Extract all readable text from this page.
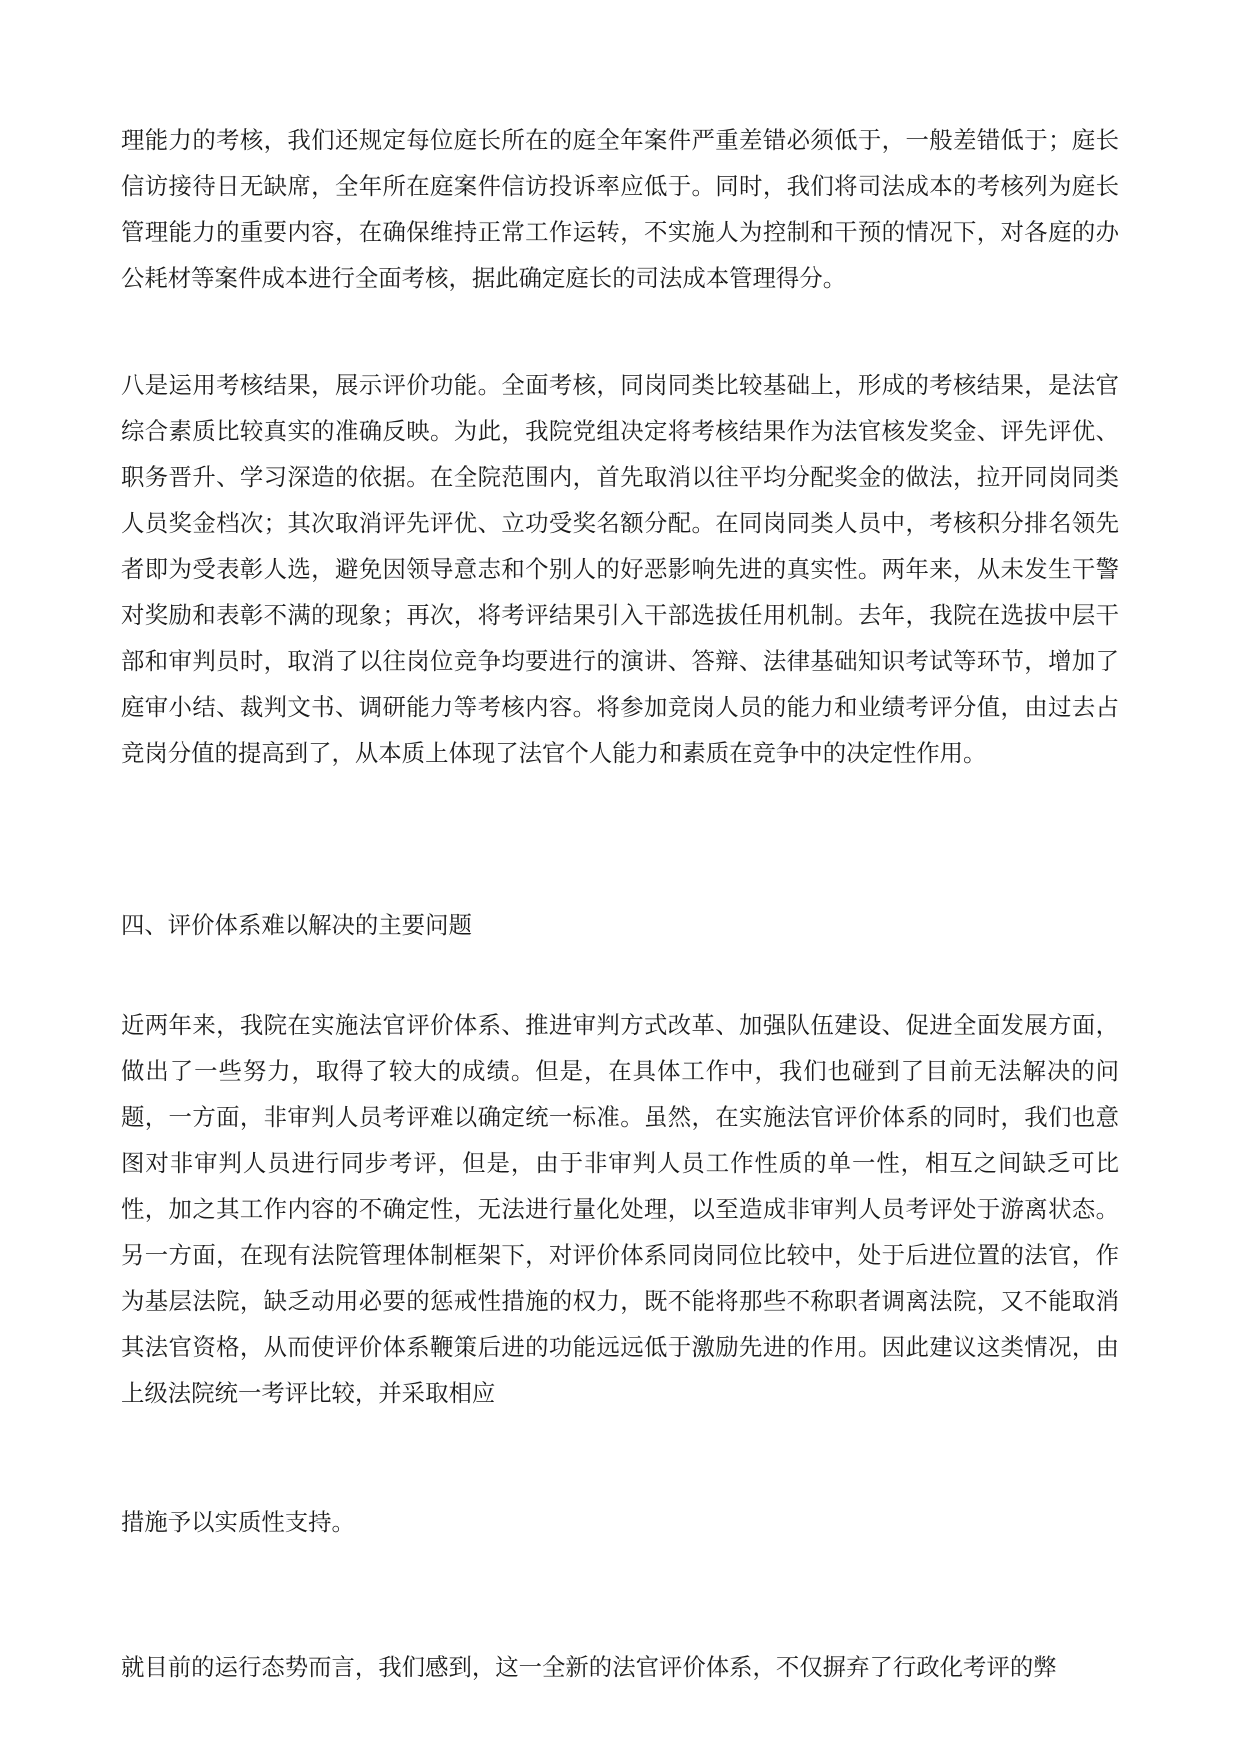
理能力的考核，我们还规定每位庭长所在的庭全年案件严重差错必须低于，一般差错低于；庭长信访接待日无缺席，全年所在庭案件信访投诉率应低于。同时，我们将司法成本的考核列为庭长管理能力的重要内容，在确保维持正常工作运转，不实施人为控制和干预的情况下，对各庭的办公耗材等案件成本进行全面考核，据此确定庭长的司法成本管理得分。

八是运用考核结果，展示评价功能。全面考核，同岗同类比较基础上，形成的考核结果，是法官综合素质比较真实的准确反映。为此，我院党组决定将考核结果作为法官核发奖金、评先评优、职务晋升、学习深造的依据。在全院范围内，首先取消以往平均分配奖金的做法，拉开同岗同类人员奖金档次；其次取消评先评优、立功受奖名额分配。在同岗同类人员中，考核积分排名领先者即为受表彰人选，避免因领导意志和个别人的好恶影响先进的真实性。两年来，从未发生干警对奖励和表彰不满的现象；再次，将考评结果引入干部选拔任用机制。去年，我院在选拔中层干部和审判员时，取消了以往岗位竞争均要进行的演讲、答辩、法律基础知识考试等环节，增加了庭审小结、裁判文书、调研能力等考核内容。将参加竞岗人员的能力和业绩考评分值，由过去占竞岗分值的提高到了，从本质上体现了法官个人能力和素质在竞争中的决定性作用。

四、评价体系难以解决的主要问题

近两年来，我院在实施法官评价体系、推进审判方式改革、加强队伍建设、促进全面发展方面，做出了一些努力，取得了较大的成绩。但是，在具体工作中，我们也碰到了目前无法解决的问题，一方面，非审判人员考评难以确定统一标准。虽然，在实施法官评价体系的同时，我们也意图对非审判人员进行同步考评，但是，由于非审判人员工作性质的单一性，相互之间缺乏可比性，加之其工作内容的不确定性，无法进行量化处理，以至造成非审判人员考评处于游离状态。另一方面，在现有法院管理体制框架下，对评价体系同岗同位比较中，处于后进位置的法官，作为基层法院，缺乏动用必要的惩戒性措施的权力，既不能将那些不称职者调离法院，又不能取消其法官资格，从而使评价体系鞭策后进的功能远远低于激励先进的作用。因此建议这类情况，由上级法院统一考评比较，并采取相应

措施予以实质性支持。

就目前的运行态势而言，我们感到，这一全新的法官评价体系，不仅摒弃了行政化考评的弊
